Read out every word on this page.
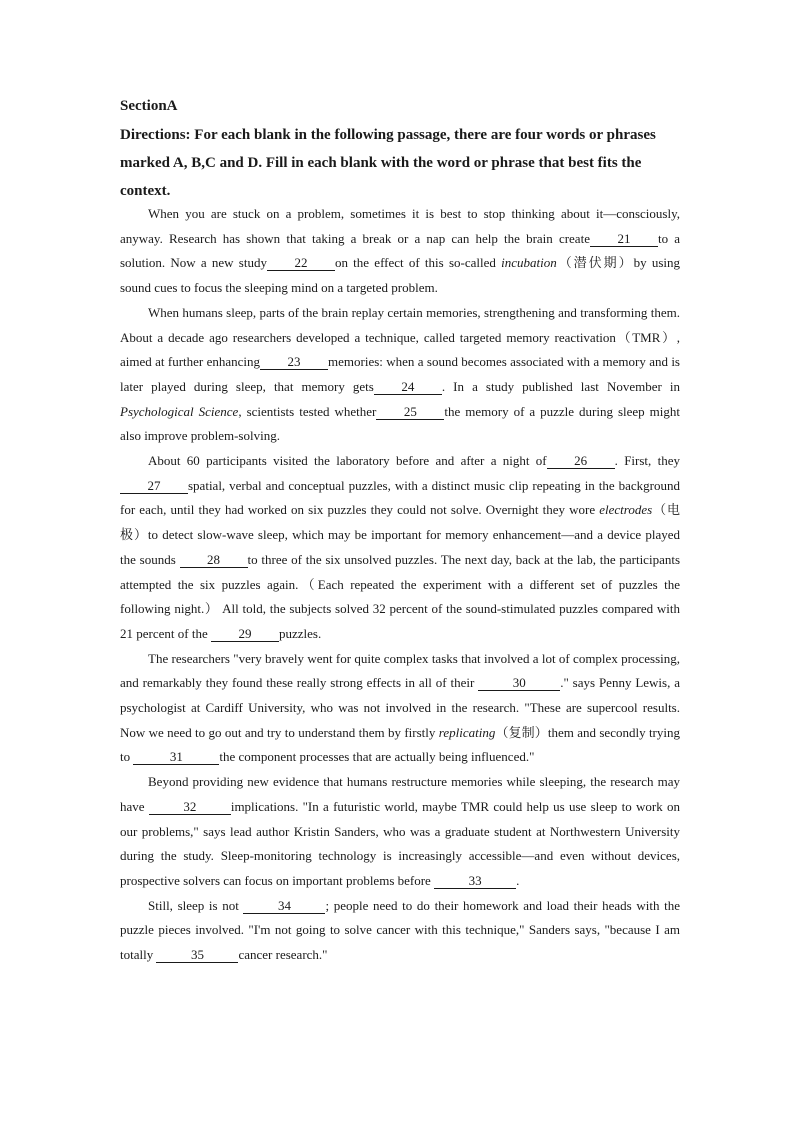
SectionA
Directions: For each blank in the following passage, there are four words or phrases marked A, B,C and D. Fill in each blank with the word or phrase that best fits the context.

When you are stuck on a problem, sometimes it is best to stop thinking about it—consciously, anyway. Research has shown that taking a break or a nap can help the brain create 21 to a solution. Now a new study 22 on the effect of this so-called incubation（潜伏期）by using sound cues to focus the sleeping mind on a targeted problem.

When humans sleep, parts of the brain replay certain memories, strengthening and transforming them. About a decade ago researchers developed a technique, called targeted memory reactivation（TMR）, aimed at further enhancing 23 memories: when a sound becomes associated with a memory and is later played during sleep, that memory gets 24 . In a study published last November in Psychological Science, scientists tested whether 25 the memory of a puzzle during sleep might also improve problem-solving.

About 60 participants visited the laboratory before and after a night of 26 . First, they27 spatial, verbal and conceptual puzzles, with a distinct music clip repeating in the background for each, until they had worked on six puzzles they could not solve. Overnight they wore electrodes（电极）to detect slow-wave sleep, which may be important for memory enhancement—and a device played the sounds 28 to three of the six unsolved puzzles. The next day, back at the lab, the participants attempted the six puzzles again.（Each repeated the experiment with a different set of puzzles the following night.） All told, the subjects solved 32 percent of the sound-stimulated puzzles compared with 21 percent of the 29 puzzles.

The researchers "very bravely went for quite complex tasks that involved a lot of complex processing, and remarkably they found these really strong effects in all of their	30	." says Penny Lewis, a psychologist at Cardiff University, who was not involved in the research. "These are supercool results. Now we need to go out and try to understand them by firstly replicating（复制）them and secondly trying to	31	the component processes that are actually being influenced."

Beyond providing new evidence that humans restructure memories while sleeping, the research may have	32	implications. "In a futuristic world, maybe TMR could help us use sleep to work on our problems," says lead author Kristin Sanders, who was a graduate student at Northwestern University during the study. Sleep-monitoring technology is increasingly accessible—and even without devices, prospective solvers can focus on important problems before	33	.

Still, sleep is not	34	; people need to do their homework and load their heads with the puzzle pieces involved. "I'm not going to solve cancer with this technique," Sanders says, "because I am totally	35	cancer research."
